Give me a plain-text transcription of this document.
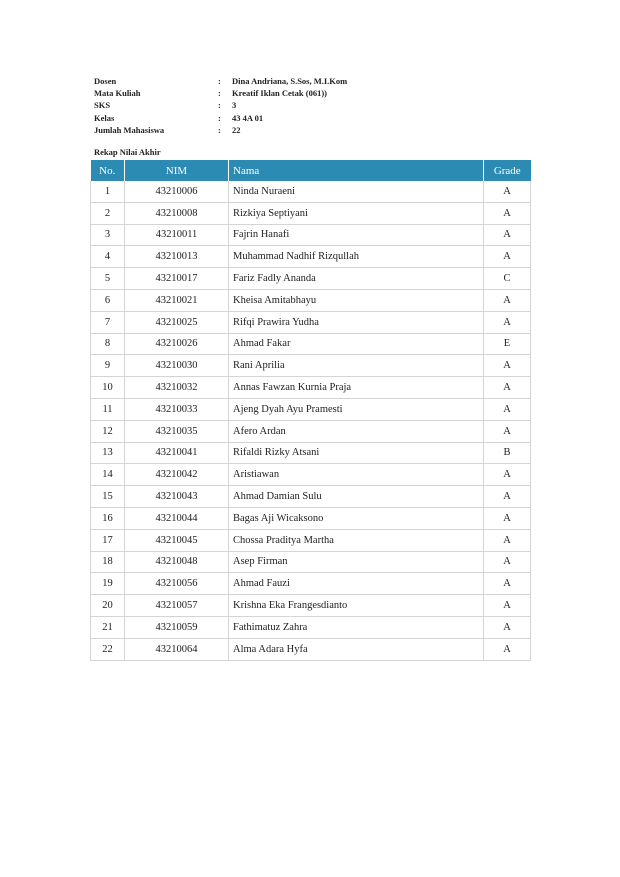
Dosen	:	Dina Andriana, S.Sos, M.I.Kom
Mata Kuliah	:	Kreatif Iklan Cetak (061))
SKS	:	3
Kelas	:	43 4A 01
Jumlah Mahasiswa	:	22
Rekap Nilai Akhir
No.	NIM	Nama	Grade
1	43210006	Ninda Nuraeni	A
2	43210008	Rizkiya Septiyani	A
3	43210011	Fajrin Hanafi	A
4	43210013	Muhammad Nadhif Rizqullah	A
5	43210017	Fariz Fadly Ananda	C
6	43210021	Kheisa Amitabhayu	A
7	43210025	Rifqi Prawira Yudha	A
8	43210026	Ahmad Fakar	E
9	43210030	Rani Aprilia	A
10	43210032	Annas Fawzan Kurnia Praja	A
11	43210033	Ajeng Dyah Ayu Pramesti	A
12	43210035	Afero Ardan	A
13	43210041	Rifaldi Rizky Atsani	B
14	43210042	Aristiawan	A
15	43210043	Ahmad Damian Sulu	A
16	43210044	Bagas Aji Wicaksono	A
17	43210045	Chossa Praditya Martha	A
18	43210048	Asep Firman	A
19	43210056	Ahmad Fauzi	A
20	43210057	Krishna Eka Frangesdianto	A
21	43210059	Fathimatuz Zahra	A
22	43210064	Alma Adara Hyfa	A
